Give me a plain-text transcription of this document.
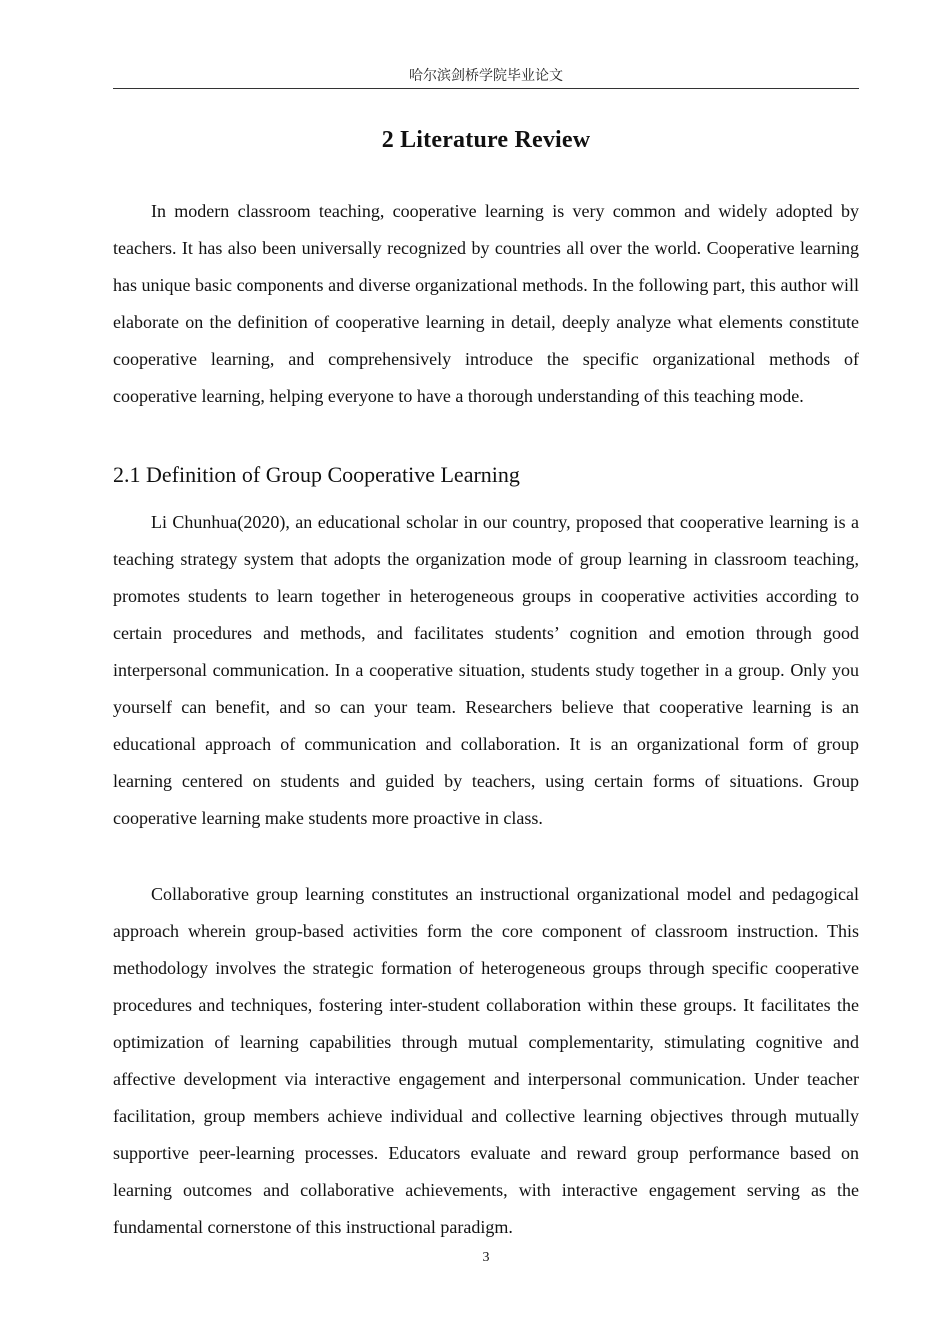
哈尔滨剑桥学院毕业论文
2 Literature Review

In modern classroom teaching, cooperative learning is very common and widely adopted by teachers. It has also been universally recognized by countries all over the world. Cooperative learning has unique basic components and diverse organizational methods. In the following part, this author will elaborate on the definition of cooperative learning in detail, deeply analyze what elements constitute cooperative learning, and comprehensively introduce the specific organizational methods of cooperative learning, helping everyone to have a thorough understanding of this teaching mode.

2.1 Definition of Group Cooperative Learning

Li Chunhua(2020), an educational scholar in our country, proposed that cooperative learning is a teaching strategy system that adopts the organization mode of group learning in classroom teaching, promotes students to learn together in heterogeneous groups in cooperative activities according to certain procedures and methods, and facilitates students’ cognition and emotion through good interpersonal communication. In a cooperative situation, students study together in a group. Only you yourself can benefit, and so can your team. Researchers believe that cooperative learning is an educational approach of communication and collaboration. It is an organizational form of group learning centered on students and guided by teachers, using certain forms of situations. Group cooperative learning make students more proactive in class.

Collaborative group learning constitutes an instructional organizational model and pedagogical approach wherein group-based activities form the core component of classroom instruction. This methodology involves the strategic formation of heterogeneous groups through specific cooperative procedures and techniques, fostering inter-student collaboration within these groups. It facilitates the optimization of learning capabilities through mutual complementarity, stimulating cognitive and affective development via interactive engagement and interpersonal communication. Under teacher facilitation, group members achieve individual and collective learning objectives through mutually supportive peer-learning processes. Educators evaluate and reward group performance based on learning outcomes and collaborative achievements, with interactive engagement serving as the fundamental cornerstone of this instructional paradigm.

3
